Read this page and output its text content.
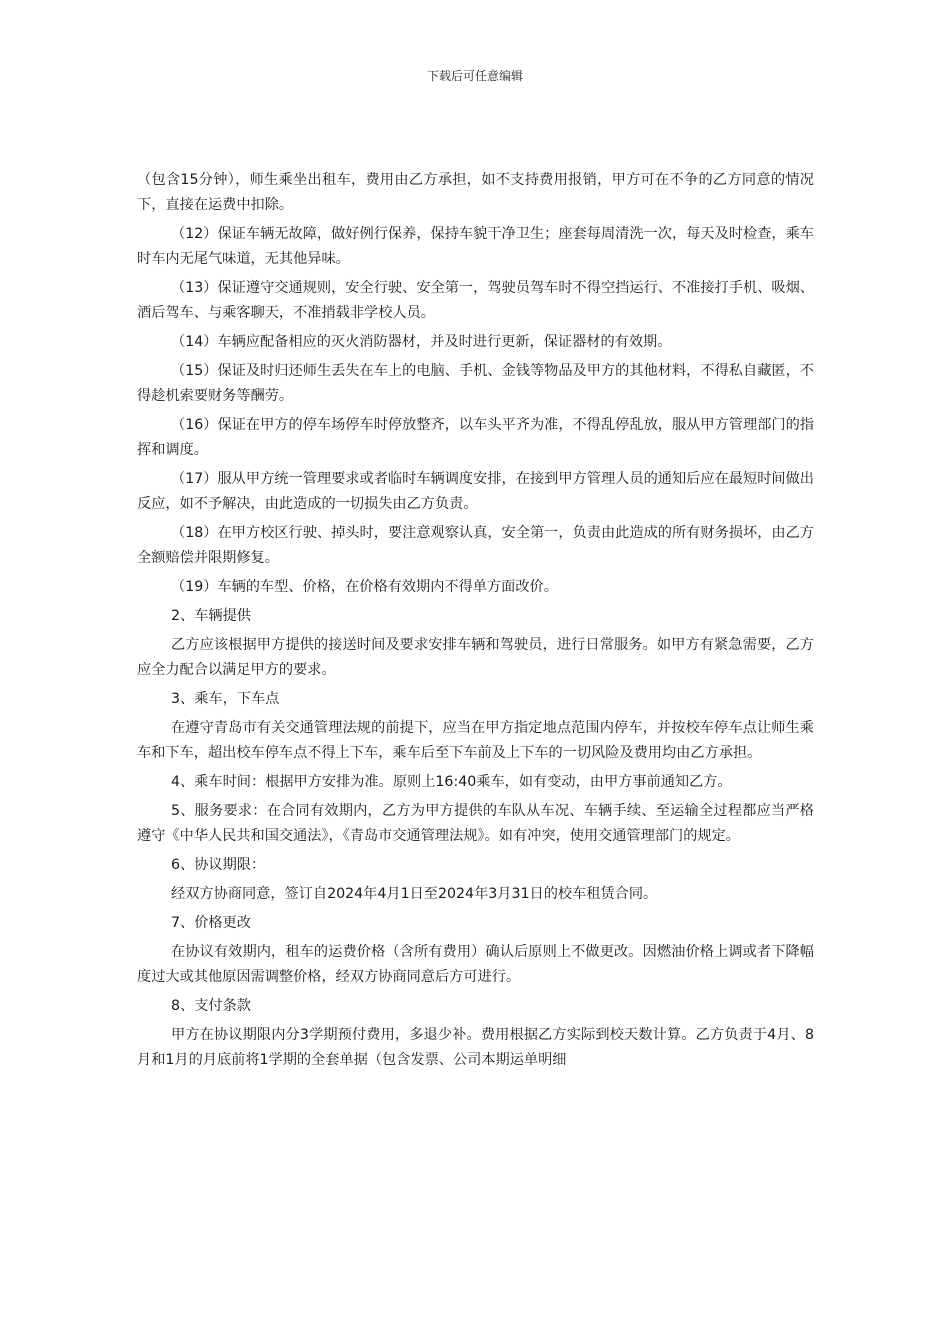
下载后可任意编辑

（包含15分钟），师生乘坐出租车，费用由乙方承担，如不支持费用报销，甲方可在不争的乙方同意的情况下，直接在运费中扣除。

（12）保证车辆无故障，做好例行保养，保持车貌干净卫生；座套每周清洗一次，每天及时检查，乘车时车内无尾气味道，无其他异味。

（13）保证遵守交通规则，安全行驶、安全第一，驾驶员驾车时不得空挡运行、不准接打手机、吸烟、酒后驾车、与乘客聊天，不准捎载非学校人员。

（14）车辆应配备相应的灭火消防器材，并及时进行更新，保证器材的有效期。

（15）保证及时归还师生丢失在车上的电脑、手机、金钱等物品及甲方的其他材料，不得私自藏匿，不得趁机索要财务等酬劳。

（16）保证在甲方的停车场停车时停放整齐，以车头平齐为准，不得乱停乱放，服从甲方管理部门的指挥和调度。

（17）服从甲方统一管理要求或者临时车辆调度安排，在接到甲方管理人员的通知后应在最短时间做出反应，如不予解决，由此造成的一切损失由乙方负责。

（18）在甲方校区行驶、掉头时，要注意观察认真，安全第一，负责由此造成的所有财务损坏，由乙方全额赔偿并限期修复。

（19）车辆的车型、价格，在价格有效期内不得单方面改价。

2、车辆提供

乙方应该根据甲方提供的接送时间及要求安排车辆和驾驶员，进行日常服务。如甲方有紧急需要，乙方应全力配合以满足甲方的要求。

3、乘车，下车点

在遵守青岛市有关交通管理法规的前提下，应当在甲方指定地点范围内停车，并按校车停车点让师生乘车和下车，超出校车停车点不得上下车，乘车后至下车前及上下车的一切风险及费用均由乙方承担。

4、乘车时间：根据甲方安排为准。原则上16:40乘车，如有变动，由甲方事前通知乙方。

5、服务要求：在合同有效期内，乙方为甲方提供的车队从车况、车辆手续、至运输全过程都应当严格遵守《中华人民共和国交通法》，《青岛市交通管理法规》。如有冲突，使用交通管理部门的规定。

6、协议期限：

经双方协商同意，签订自2024年4月1日至2024年3月31日的校车租赁合同。

7、价格更改

在协议有效期内，租车的运费价格（含所有费用）确认后原则上不做更改。因燃油价格上调或者下降幅度过大或其他原因需调整价格，经双方协商同意后方可进行。

8、支付条款

甲方在协议期限内分3学期预付费用，多退少补。费用根据乙方实际到校天数计算。乙方负责于4月、8月和1月的月底前将1学期的全套单据（包含发票、公司本期运单明细
